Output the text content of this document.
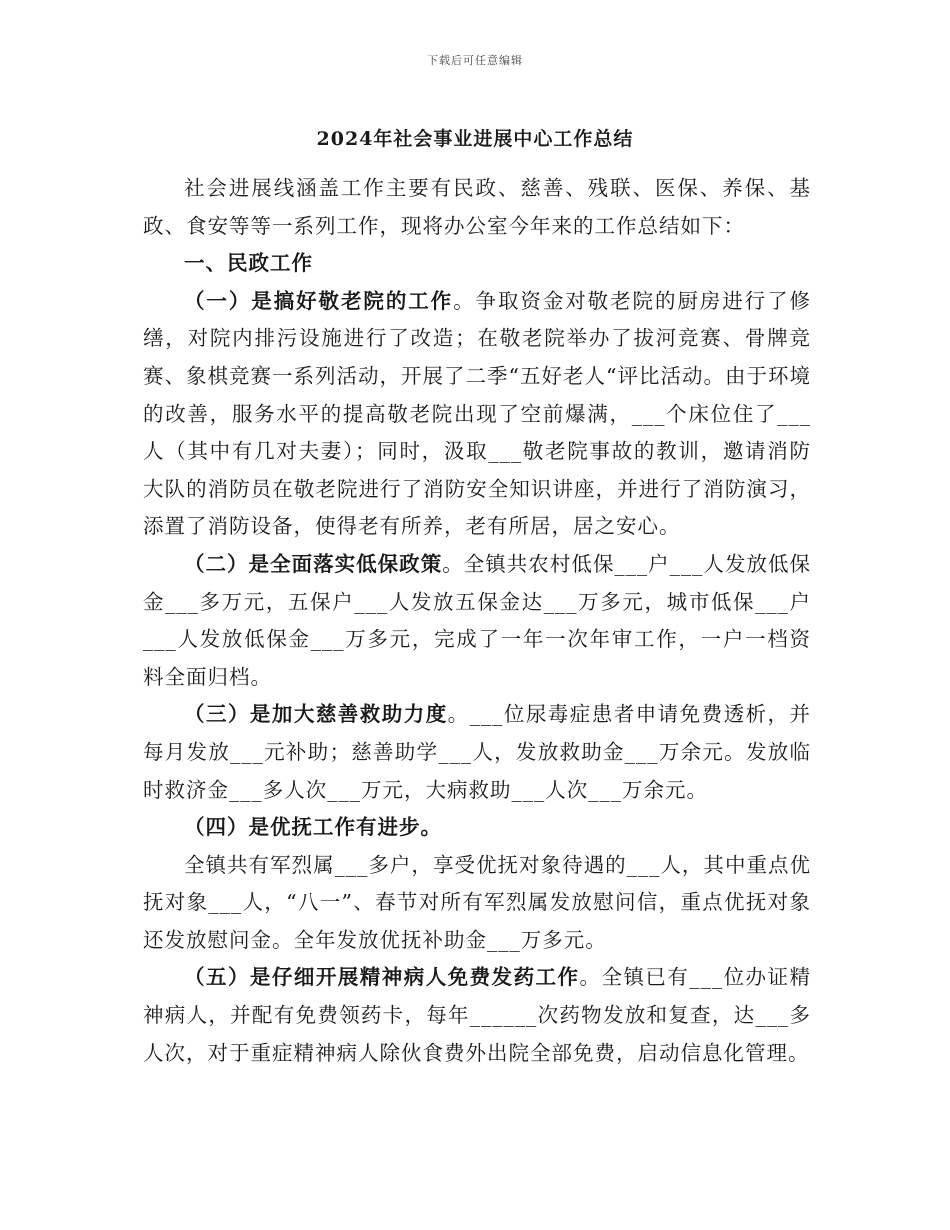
下载后可任意编辑
2024年社会事业进展中心工作总结

社会进展线涵盖工作主要有民政、慈善、残联、医保、养保、基政、食安等等一系列工作，现将办公室今年来的工作总结如下：

一、民政工作

（一）是搞好敬老院的工作。争取资金对敬老院的厨房进行了修缮，对院内排污设施进行了改造；在敬老院举办了拔河竞赛、骨牌竞赛、象棋竞赛一系列活动，开展了二季“五好老人“评比活动。由于环境的改善，服务水平的提高敬老院出现了空前爆满，___个床位住了___人（其中有几对夫妻）；同时，汲取___敬老院事故的教训，邀请消防大队的消防员在敬老院进行了消防安全知识讲座，并进行了消防演习，添置了消防设备，使得老有所养，老有所居，居之安心。

（二）是全面落实低保政策。全镇共农村低保___户___人发放低保金___多万元，五保户___人发放五保金达___万多元，城市低保___户___人发放低保金___万多元，完成了一年一次年审工作，一户一档资料全面归档。

（三）是加大慈善救助力度。___位尿毒症患者申请免费透析，并每月发放___元补助；慈善助学___人，发放救助金___万余元。发放临时救济金___多人次___万元，大病救助___人次___万余元。

（四）是优抚工作有进步。

全镇共有军烈属___多户，享受优抚对象待遇的___人，其中重点优抚对象___人，“八一”、春节对所有军烈属发放慰问信，重点优抚对象还发放慰问金。全年发放优抚补助金___万多元。

（五）是仔细开展精神病人免费发药工作。全镇已有___位办证精神病人，并配有免费领药卡，每年______次药物发放和复查，达___多人次，对于重症精神病人除伙食费外出院全部免费，启动信息化管理。
